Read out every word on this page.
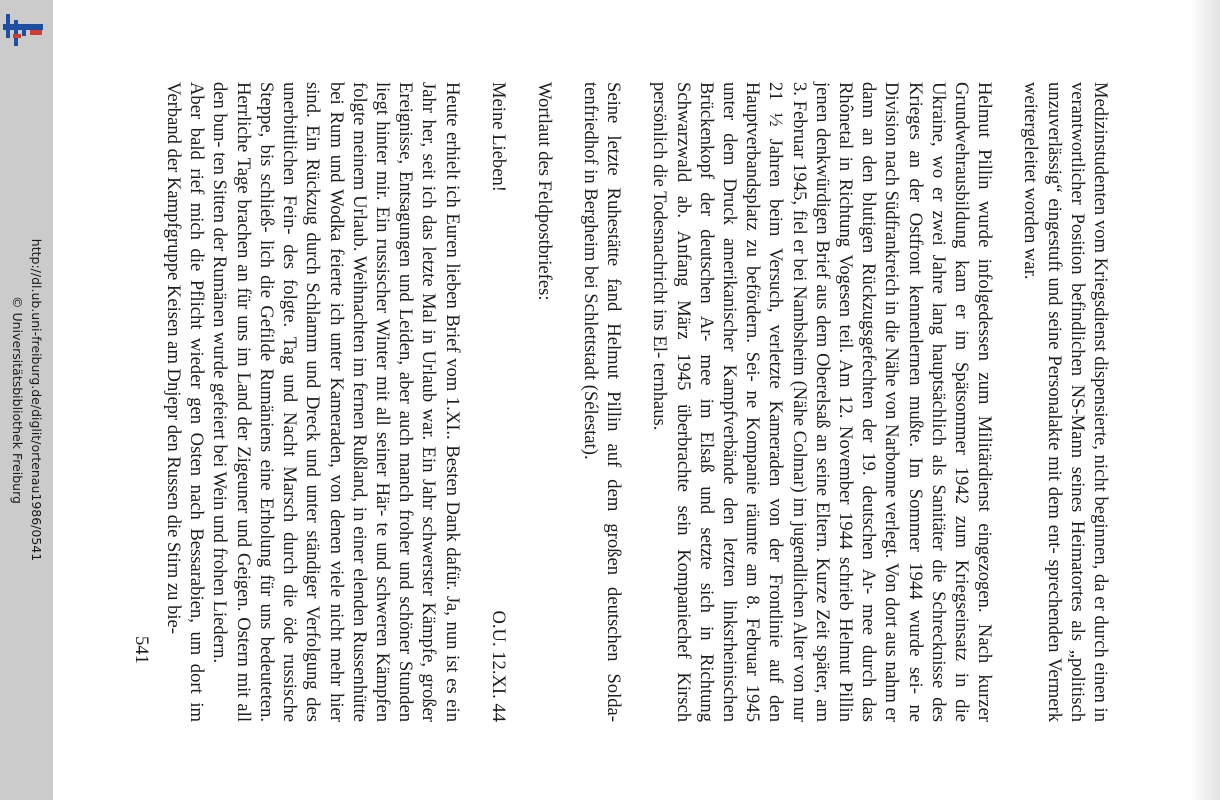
http://dl.ub.uni-freiburg.de/diglit/ortenau1986/0541
© Universitätsbibliothek Freiburg	Medizinstudenten vom Kriegsdienst dispensierte, nicht beginnen, da er durch einen in verantwortlicher Position befindlichen NS-Mann seines Heimatortes als „politisch unzuverlässig“ eingestuft und seine Personalakte mit dem ent- sprechenden Vermerk weitergeleitet worden war.

Helmut Pillin wurde infolgedessen zum Militärdienst eingezogen. Nach kurzer Grundwehrausbildung kam er im Spätsommer 1942 zum Kriegseinsatz in die Ukraine, wo er zwei Jahre lang hauptsächlich als Sanitäter die Schrecknisse des Krieges an der Ostfront kennenlernen mußte. Im Sommer 1944 wurde sei- ne Division nach Südfrankreich in die Nähe von Narbonne verlegt. Von dort aus nahm er dann an den blutigen Rückzugsgefechten der 19. deutschen Ar- mee durch das Rhônetal in Richtung Vogesen teil. Am 12. November 1944 schrieb Helmut Pillin jenen denkwürdigen Brief aus dem Oberelsaß an seine Eltern. Kurze Zeit später, am 3. Februar 1945, fiel er bei Nambsheim (Nähe Colmar) im jugendlichen Alter von nur 21 ½ Jahren beim Versuch, verletzte Kameraden von der Frontlinie auf den Hauptverbandsplatz zu befördern. Sei- ne Kompanie räumte am 8. Februar 1945 unter dem Druck amerikanischer Kampfverbände den letzten linksrheinischen Brückenkopf der deutschen Ar- mee im Elsaß und setzte sich in Richtung Schwarzwald ab. Anfang März 1945 überbrachte sein Kompaniechef Kirsch persönlich die Todesnachricht ins El- ternhaus.

Seine letzte Ruhestätte fand Helmut Pillin auf dem großen deutschen Solda- tenfriedhof in Bergheim bei Schlettstadt (Sélestat).

Wortlaut des Feldpostbriefes:

Meine Lieben!
O.U. 12.XI. 44

Heute erhielt ich Euren lieben Brief vom 1.XI.. Besten Dank dafür. Ja, nun ist es ein Jahr her, seit ich das letzte Mal in Urlaub war. Ein Jahr schwerster Kämpfe, großer Ereignisse, Entsagungen und Leiden, aber auch manch froher und schöner Stunden liegt hinter mir. Ein russischer Winter mit all seiner Här- te und schweren Kämpfen folgte meinem Urlaub. Weihnachten im fernen Rußland, in einer elenden Russenhütte bei Rum und Wodka feierte ich unter Kameraden, von denen viele nicht mehr hier sind. Ein Rückzug durch Schlamm und Dreck und unter ständiger Verfolgung des unerbittlichen Fein- des folgte. Tag und Nacht Marsch durch die öde russische Steppe, bis schließ- lich die Gefilde Rumäniens eine Erholung für uns bedeuteten. Herrliche Tage brachen an für uns im Land der Zigeuner und Geigen. Ostern mit all den bun- ten Sitten der Rumänen wurde gefeiert bei Wein und frohen Liedern.

Aber bald rief mich die Pflicht wieder gen Osten nach Bessarabien, um dort im Verband der Kampfgruppe Keisen am Dnjepr den Russen die Stirn zu bie-

541
